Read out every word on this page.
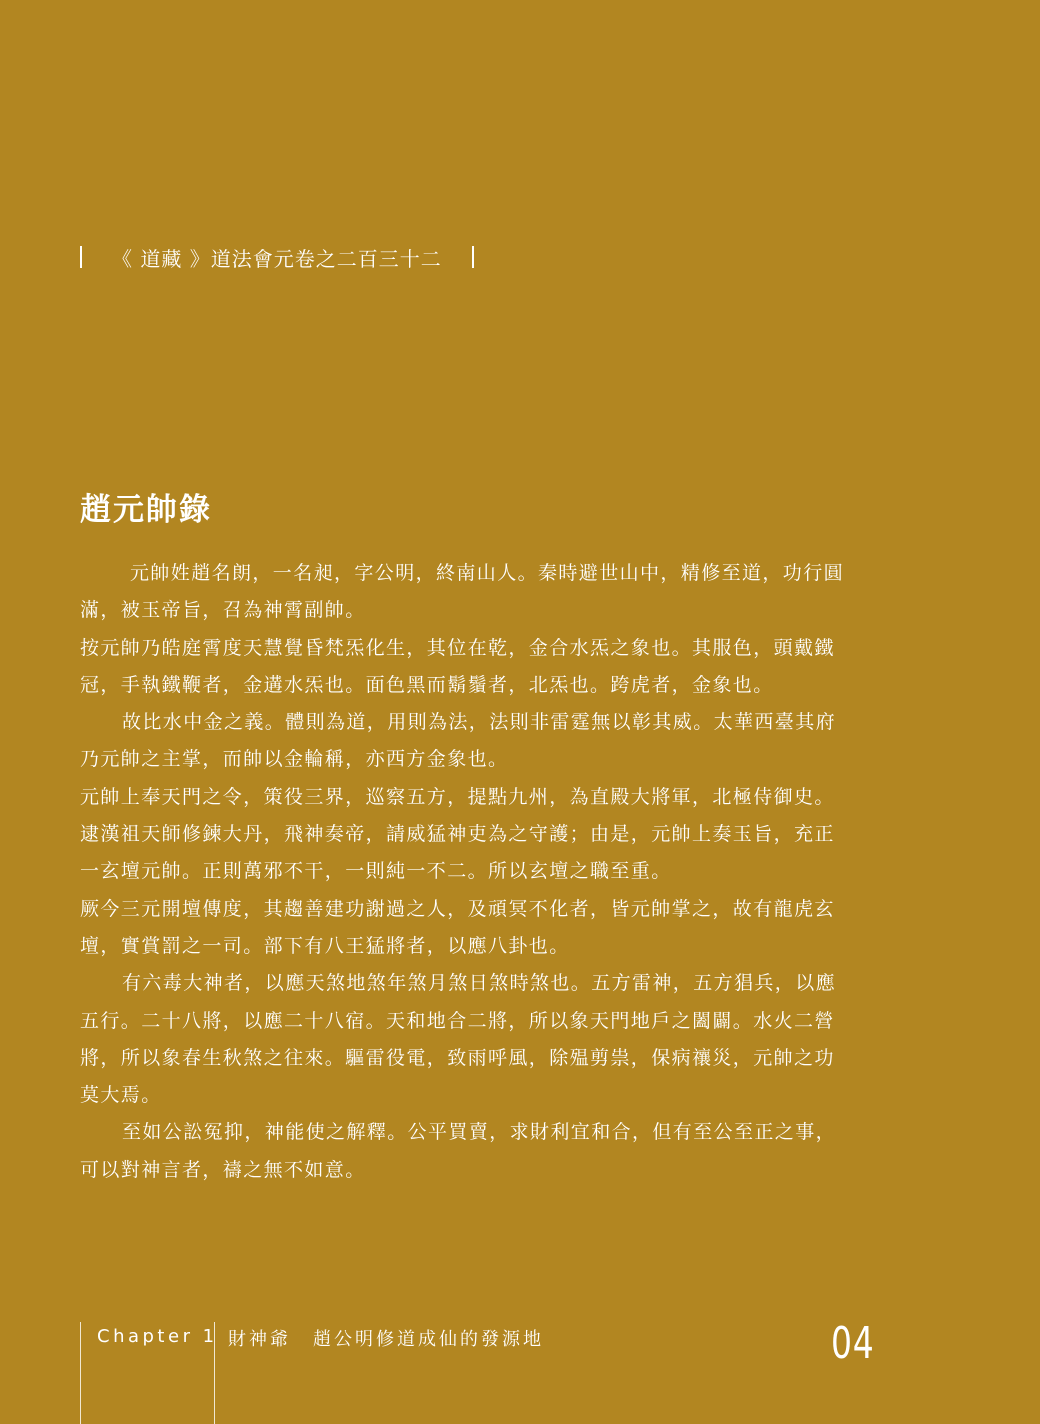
《 道藏 》道法會元卷之二百三十二
趙元帥錄

元帥姓趙名朗，一名昶，字公明，終南山人。秦時避世山中，精修至道，功行圓滿，被玉帝旨，召為神霄副帥。

按元帥乃皓庭霄度天慧覺昏梵炁化生，其位在乾，金合水炁之象也。其服色，頭戴鐵冠，手執鐵鞭者，金遘水炁也。面色黑而鬍鬚者，北炁也。跨虎者，金象也。

故比水中金之義。體則為道，用則為法，法則非雷霆無以彰其威。太華西臺其府乃元帥之主掌，而帥以金輪稱，亦西方金象也。

元帥上奉天門之令，策役三界，巡察五方，提點九州，為直殿大將軍，北極侍御史。逮漢祖天師修鍊大丹，飛神奏帝，請威猛神吏為之守護；由是，元帥上奏玉旨，充正一玄壇元帥。正則萬邪不干，一則純一不二。所以玄壇之職至重。

厥今三元開壇傳度，其趨善建功謝過之人，及頑冥不化者，皆元帥掌之，故有龍虎玄壇，實賞罰之一司。部下有八王猛將者，以應八卦也。

有六毒大神者，以應天煞地煞年煞月煞日煞時煞也。五方雷神，五方猖兵，以應五行。二十八將，以應二十八宿。天和地合二將，所以象天門地戶之闔闢。水火二營將，所以象春生秋煞之往來。驅雷役電，致雨呼風，除殟剪祟，保病禳災，元帥之功莫大焉。

至如公訟冤抑，神能使之解釋。公平買賣，求財利宜和合，但有至公至正之事，可以對神言者，禱之無不如意。

Chapter 1 財神爺 趙公明修道成仙的發源地	04
